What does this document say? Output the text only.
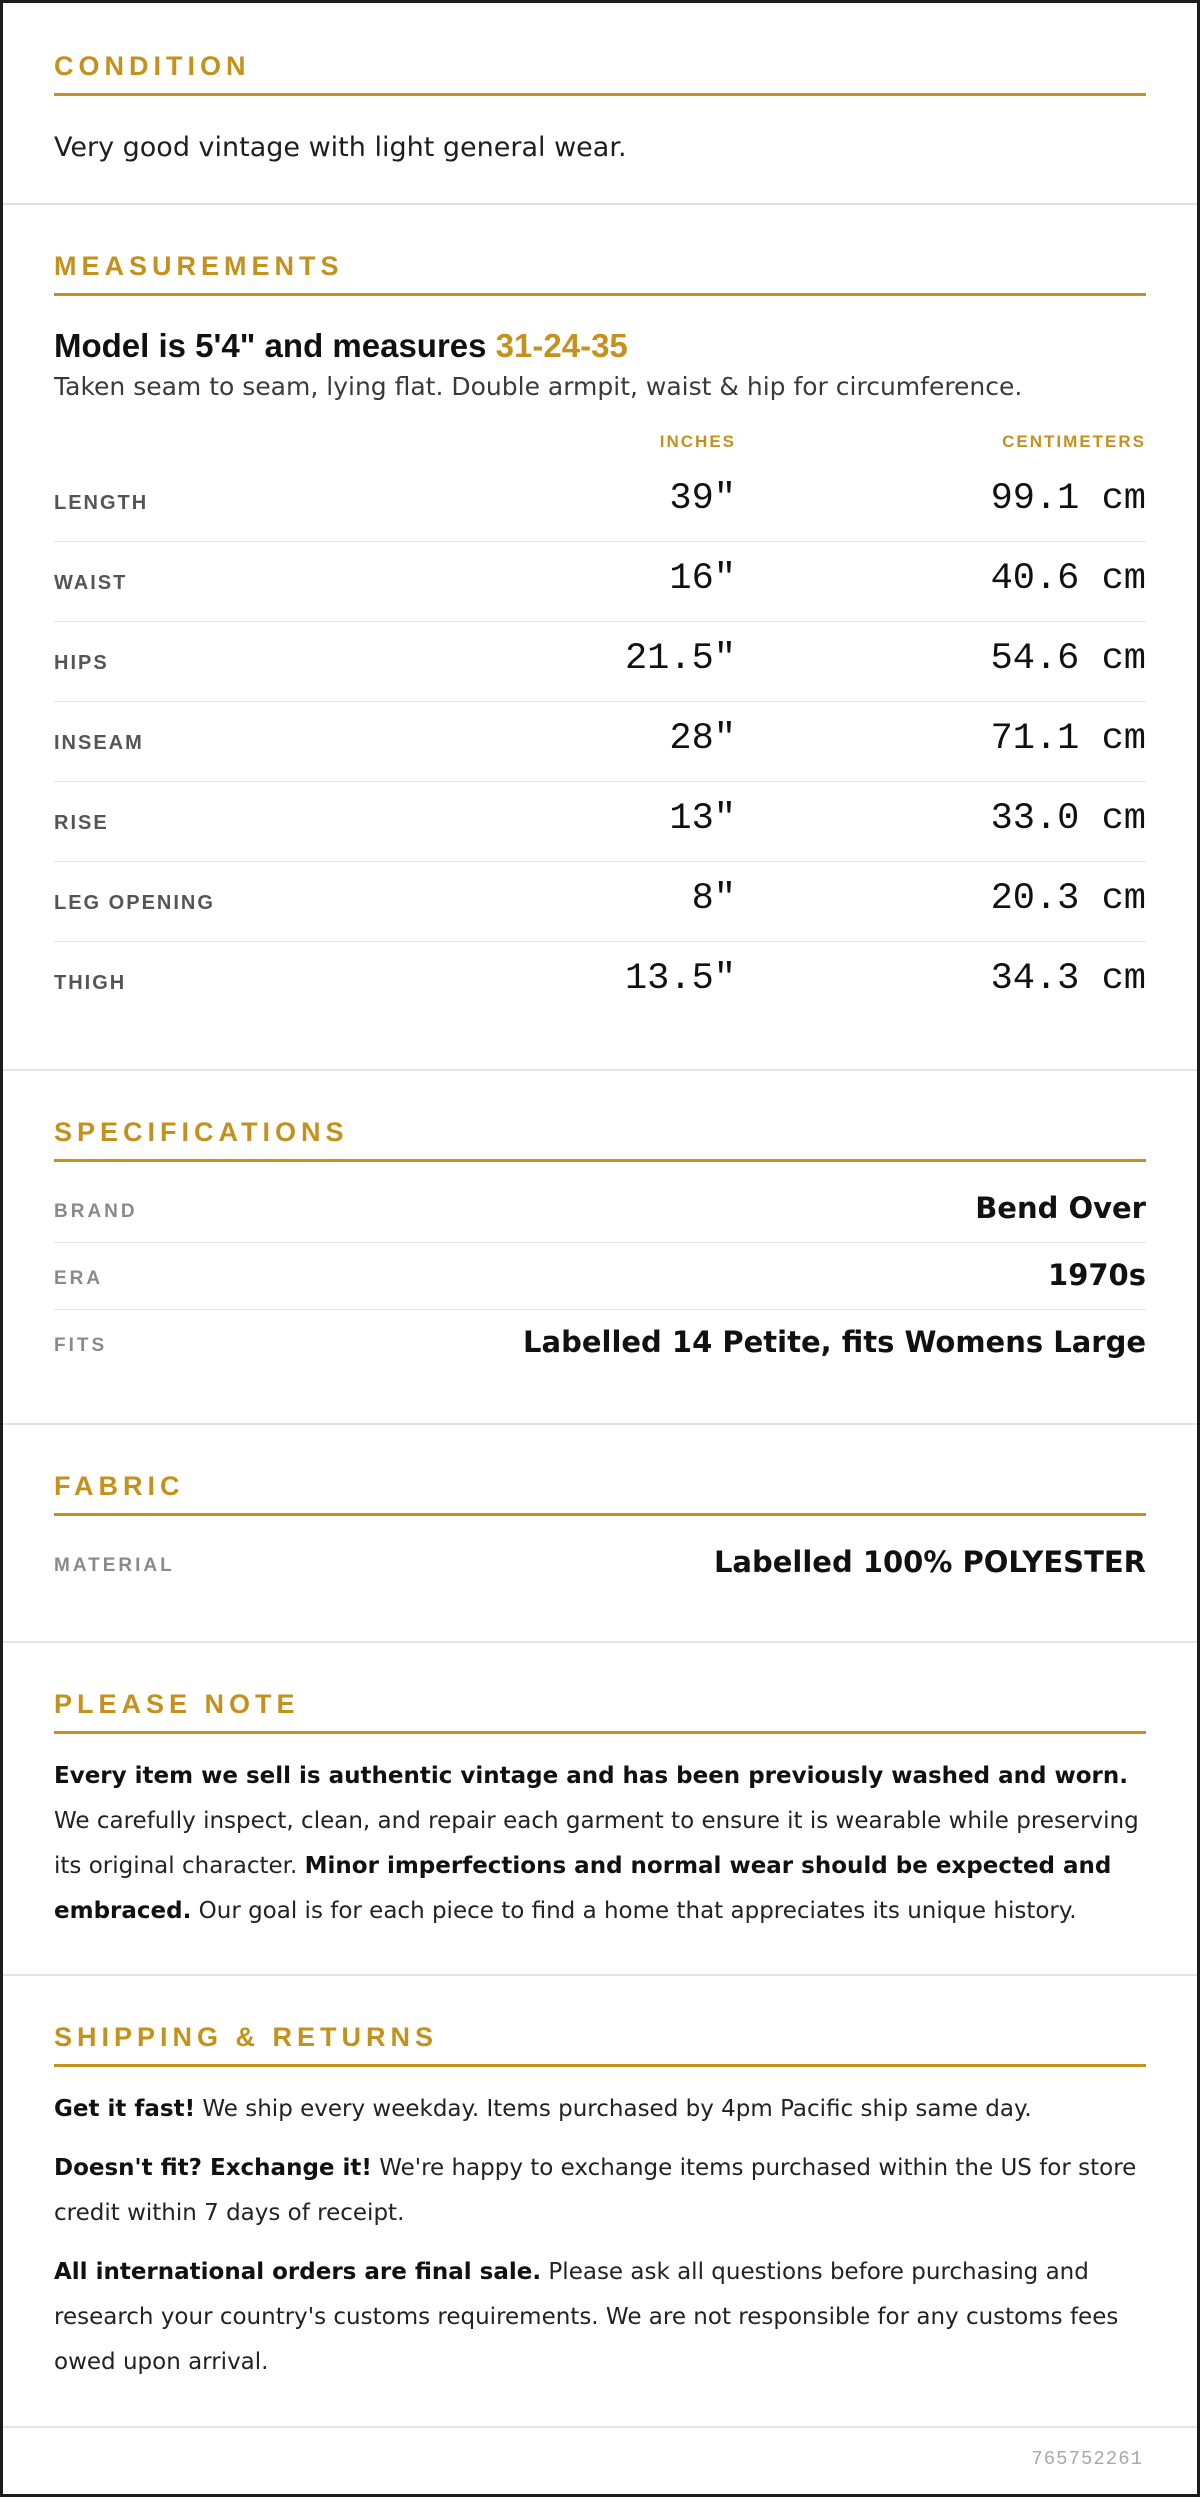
CONDITION

Very good vintage with light general wear.

MEASUREMENTS
Model is 5'4" and measures 31-24-35

Taken seam to seam, lying flat. Double armpit, waist & hip for circumference.

INCHES	CENTIMETERS
LENGTH	39"	99.1 cm
WAIST	16"	40.6 cm
HIPS	21.5"	54.6 cm
INSEAM	28"	71.1 cm
RISE	13"	33.0 cm
LEG OPENING	8"	20.3 cm
THIGH	13.5"	34.3 cm
SPECIFICATIONS
BRAND	Bend Over
ERA	1970s
FITS	Labelled 14 Petite, fits Womens Large
FABRIC
MATERIAL	Labelled 100% POLYESTER
PLEASE NOTE

Every item we sell is authentic vintage and has been previously washed and worn. We carefully inspect, clean, and repair each garment to ensure it is wearable while preserving its original character. Minor imperfections and normal wear should be expected and embraced. Our goal is for each piece to find a home that appreciates its unique history.

SHIPPING & RETURNS

Get it fast! We ship every weekday. Items purchased by 4pm Pacific ship same day.

Doesn't fit? Exchange it! We're happy to exchange items purchased within the US for store credit within 7 days of receipt.

All international orders are final sale. Please ask all questions before purchasing and research your country's customs requirements. We are not responsible for any customs fees owed upon arrival.

765752261
